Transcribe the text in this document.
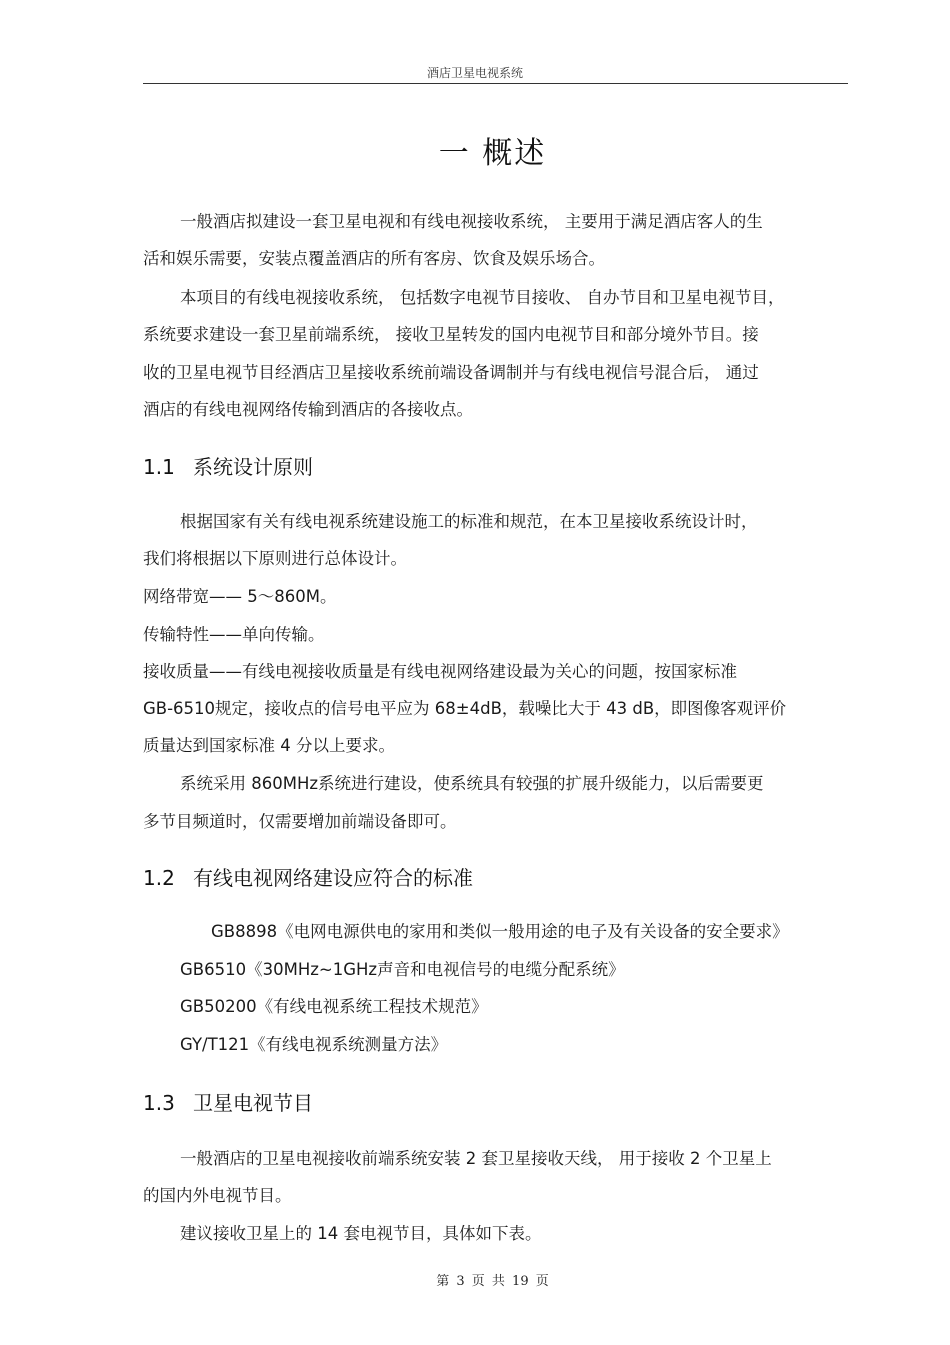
酒店卫星电视系统
一 概述
一般酒店拟建设一套卫星电视和有线电视接收系统， 主要用于满足酒店客人的生
活和娱乐需要，安装点覆盖酒店的所有客房、饮食及娱乐场合。
本项目的有线电视接收系统， 包括数字电视节目接收、 自办节目和卫星电视节目，
系统要求建设一套卫星前端系统， 接收卫星转发的国内电视节目和部分境外节目。接
收的卫星电视节目经酒店卫星接收系统前端设备调制并与有线电视信号混合后， 通过
酒店的有线电视网络传输到酒店的各接收点。
1.1 系统设计原则
根据国家有关有线电视系统建设施工的标准和规范，在本卫星接收系统设计时，
我们将根据以下原则进行总体设计。
网络带宽—— 5～860M。
传输特性——单向传输。
接收质量——有线电视接收质量是有线电视网络建设最为关心的问题，按国家标准
GB-6510规定，接收点的信号电平应为 68±4dB，载噪比大于 43 dB，即图像客观评价
质量达到国家标准 4 分以上要求。
系统采用 860MHz系统进行建设，使系统具有较强的扩展升级能力，以后需要更
多节目频道时，仅需要增加前端设备即可。
1.2 有线电视网络建设应符合的标准
GB8898《电网电源供电的家用和类似一般用途的电子及有关设备的安全要求》
GB6510《30MHz~1GHz声音和电视信号的电缆分配系统》
GB50200《有线电视系统工程技术规范》
GY/T121《有线电视系统测量方法》
1.3 卫星电视节目
一般酒店的卫星电视接收前端系统安装 2 套卫星接收天线， 用于接收 2 个卫星上
的国内外电视节目。
建议接收卫星上的 14 套电视节目，具体如下表。
第 3 页 共 19 页
